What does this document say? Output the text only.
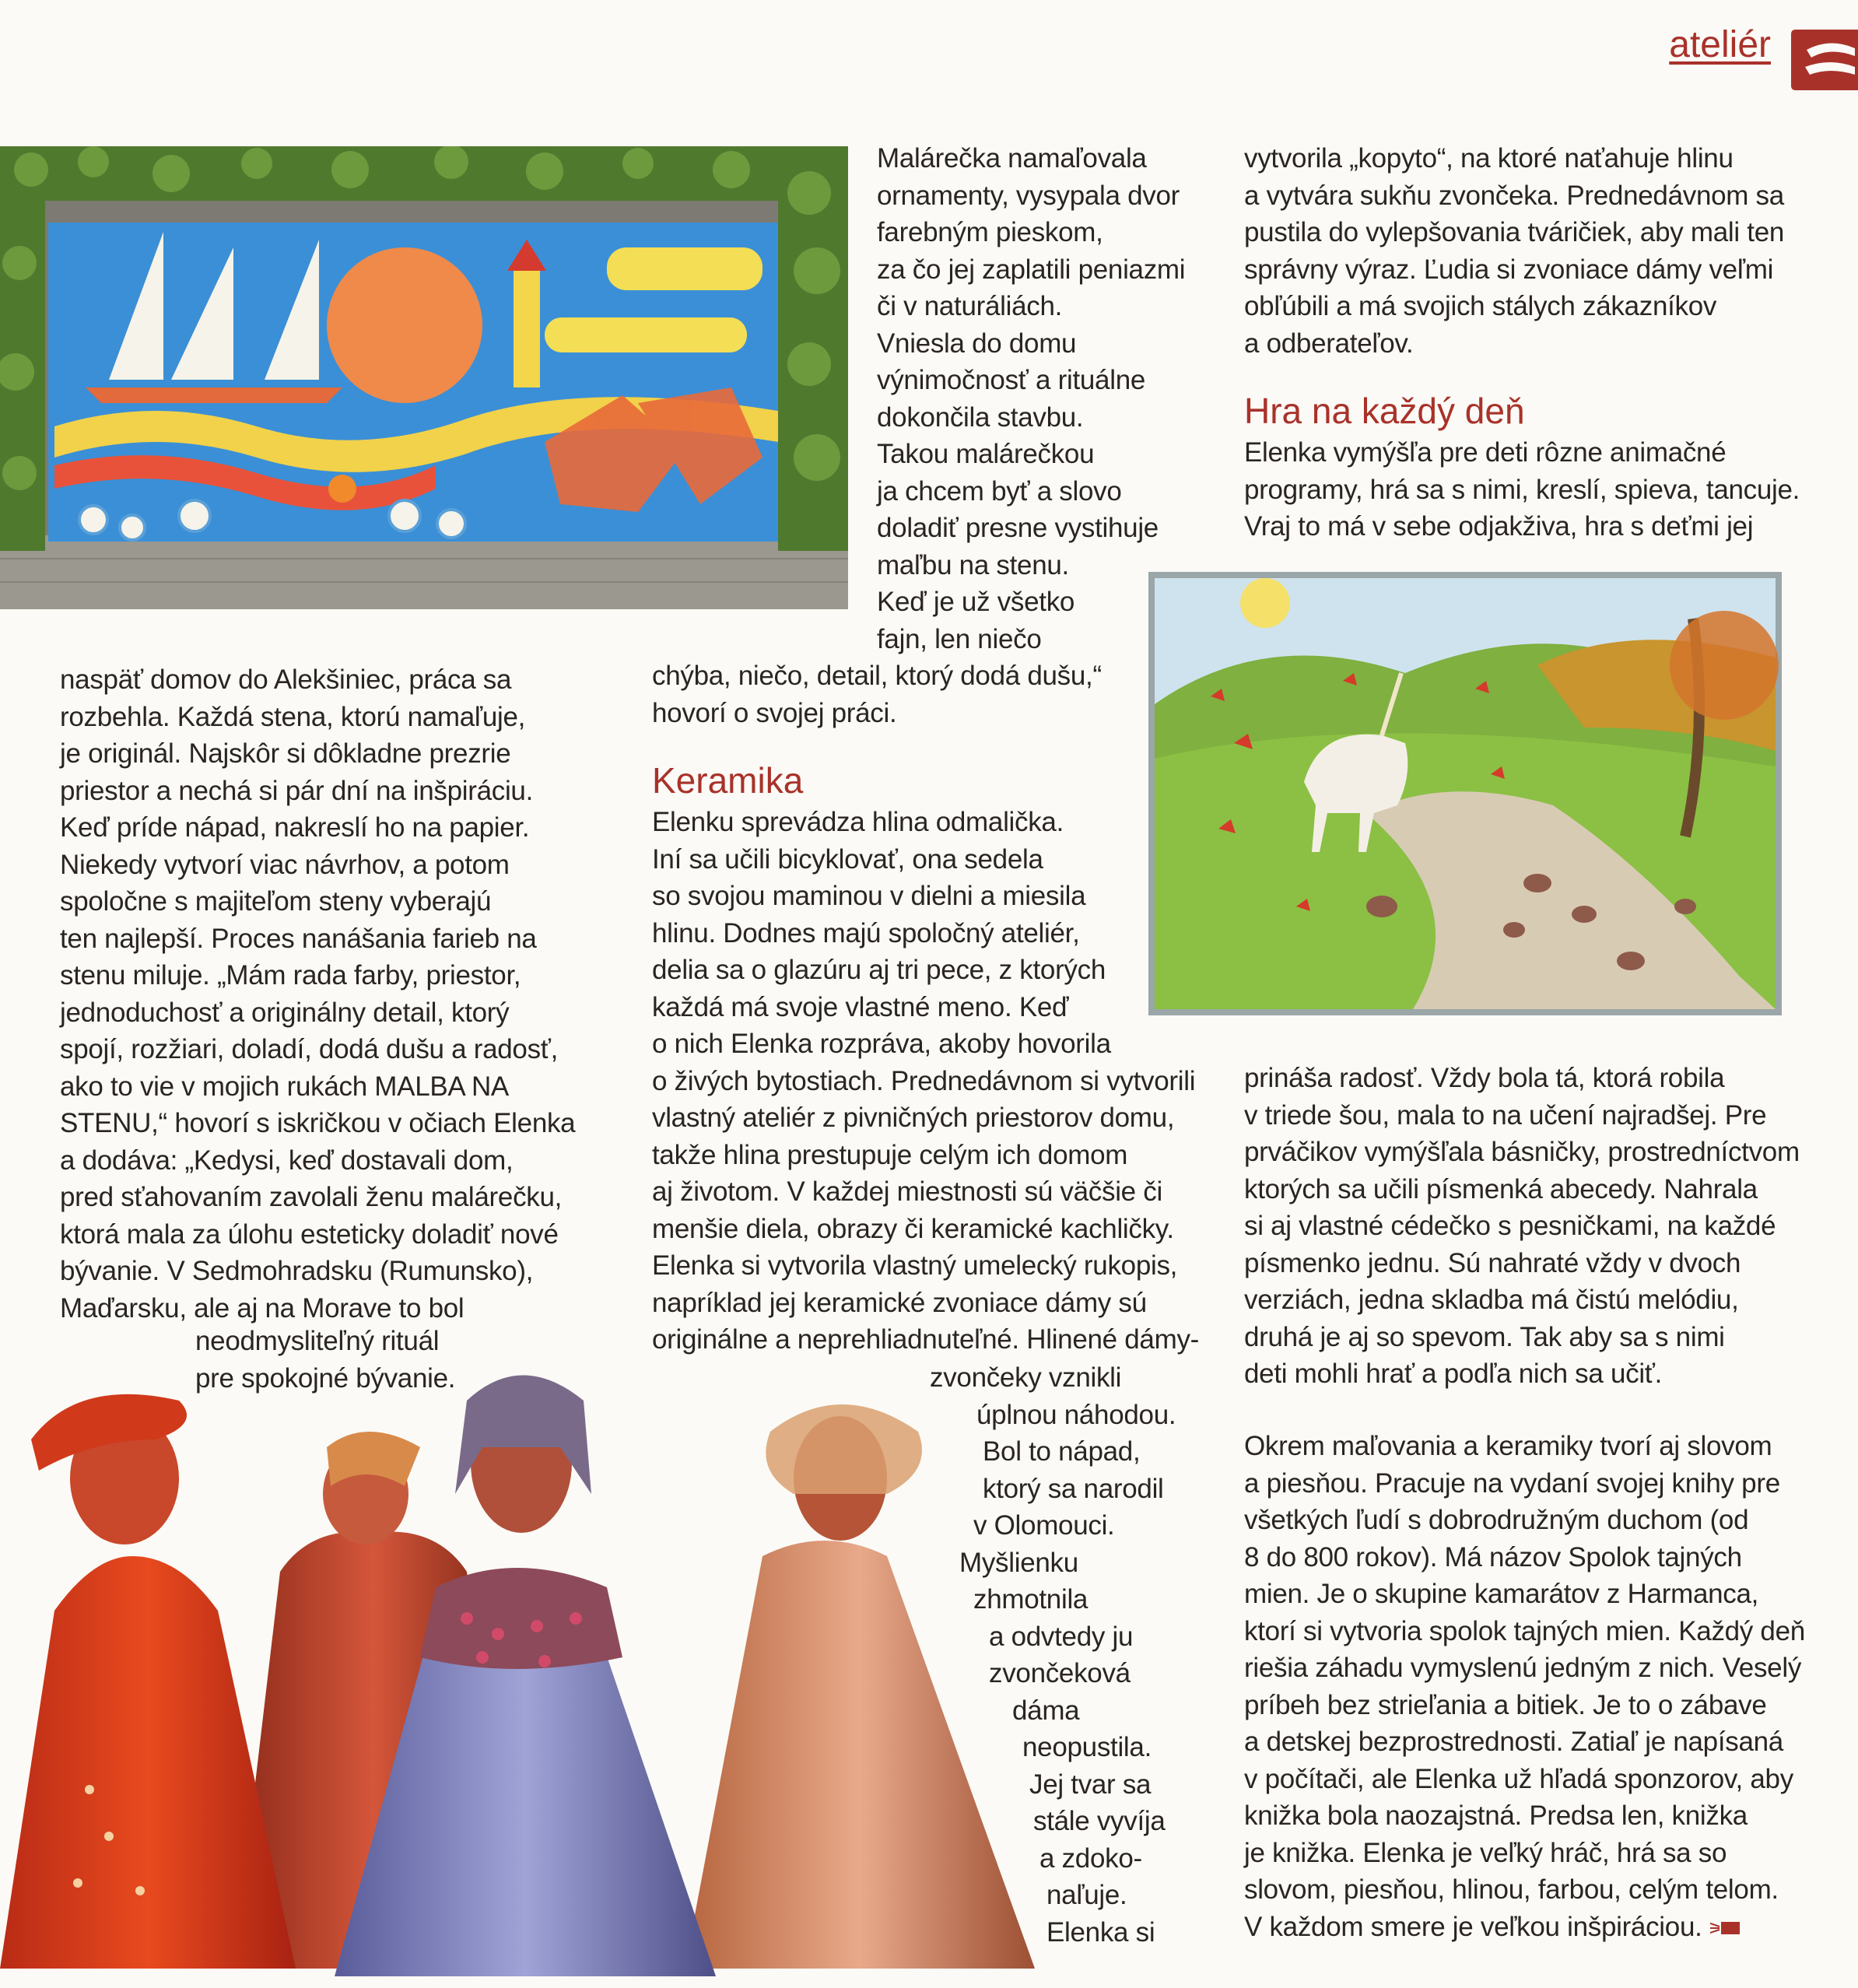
ateliér

Malárečka namaľovala

ornamenty, vysypala dvor

farebným pieskom,

za čo jej zaplatili peniazmi

či v naturáliách.

Vniesla do domu

výnimočnosť a rituálne

dokončila stavbu.

Takou malárečkou

ja chcem byť a slovo

doladiť presne vystihuje

maľbu na stenu.

Keď je už všetko

fajn, len niečo

chýba, niečo, detail, ktorý dodá dušu,“

hovorí o svojej práci.

naspäť domov do Alekšiniec, práca sa

rozbehla. Každá stena, ktorú namaľuje,

je originál. Najskôr si dôkladne prezrie

priestor a nechá si pár dní na inšpiráciu.

Keď príde nápad, nakreslí ho na papier.

Niekedy vytvorí viac návrhov, a potom

spoločne s majiteľom steny vyberajú

ten najlepší. Proces nanášania farieb na

stenu miluje. „Mám rada farby, priestor,

jednoduchosť a originálny detail, ktorý

spojí, rozžiari, doladí, dodá dušu a radosť,

ako to vie v mojich rukách MALBA NA

STENU,“ hovorí s iskričkou v očiach Elenka

a dodáva: „Kedysi, keď dostavali dom,

pred sťahovaním zavolali ženu malárečku,

ktorá mala za úlohu esteticky doladiť nové

bývanie. V Sedmohradsku (Rumunsko),

Maďarsku, ale aj na Morave to bol

neodmysliteľný rituál

pre spokojné bývanie.

Keramika

Elenku sprevádza hlina odmalička.

Iní sa učili bicyklovať, ona sedela

so svojou maminou v dielni a miesila

hlinu. Dodnes majú spoločný ateliér,

delia sa o glazúru aj tri pece, z ktorých

každá má svoje vlastné meno. Keď

o nich Elenka rozpráva, akoby hovorila

o živých bytostiach. Prednedávnom si vytvorili

vlastný ateliér z pivničných priestorov domu,

takže hlina prestupuje celým ich domom

aj životom. V každej miestnosti sú väčšie či

menšie diela, obrazy či keramické kachličky.

Elenka si vytvorila vlastný umelecký rukopis,

napríklad jej keramické zvoniace dámy sú

originálne a neprehliadnuteľné. Hlinené dámy-

zvončeky vznikli

úplnou náhodou.

Bol to nápad,

ktorý sa narodil

v Olomouci.

Myšlienku

zhmotnila

a odvtedy ju

zvončeková

dáma

neopustila.

Jej tvar sa

stále vyvíja

a zdoko-

naľuje.

Elenka si

vytvorila „kopyto“, na ktoré naťahuje hlinu

a vytvára sukňu zvončeka. Prednedávnom sa

pustila do vylepšovania tváričiek, aby mali ten

správny výraz. Ľudia si zvoniace dámy veľmi

obľúbili a má svojich stálych zákazníkov

a odberateľov.

Hra na každý deň

Elenka vymýšľa pre deti rôzne animačné

programy, hrá sa s nimi, kreslí, spieva, tancuje.

Vraj to má v sebe odjakživa, hra s deťmi jej

prináša radosť. Vždy bola tá, ktorá robila

v triede šou, mala to na učení najradšej. Pre

prváčikov vymýšľala básničky, prostredníctvom

ktorých sa učili písmenká abecedy. Nahrala

si aj vlastné cédečko s pesničkami, na každé

písmenko jednu. Sú nahraté vždy v dvoch

verziách, jedna skladba má čistú melódiu,

druhá je aj so spevom. Tak aby sa s nimi

deti mohli hrať a podľa nich sa učiť.

Okrem maľovania a keramiky tvorí aj slovom

a piesňou. Pracuje na vydaní svojej knihy pre

všetkých ľudí s dobrodružným duchom (od

8 do 800 rokov). Má názov Spolok tajných

mien. Je o skupine kamarátov z Harmanca,

ktorí si vytvoria spolok tajných mien. Každý deň

riešia záhadu vymyslenú jedným z nich. Veselý

príbeh bez strieľania a bitiek. Je to o zábave

a detskej bezprostrednosti. Zatiaľ je napísaná

v počítači, ale Elenka už hľadá sponzorov, aby

knižka bola naozajstná. Predsa len, knižka

je knižka. Elenka je veľký hráč, hrá sa so

slovom, piesňou, hlinou, farbou, celým telom.

V každom smere je veľkou inšpiráciou.
